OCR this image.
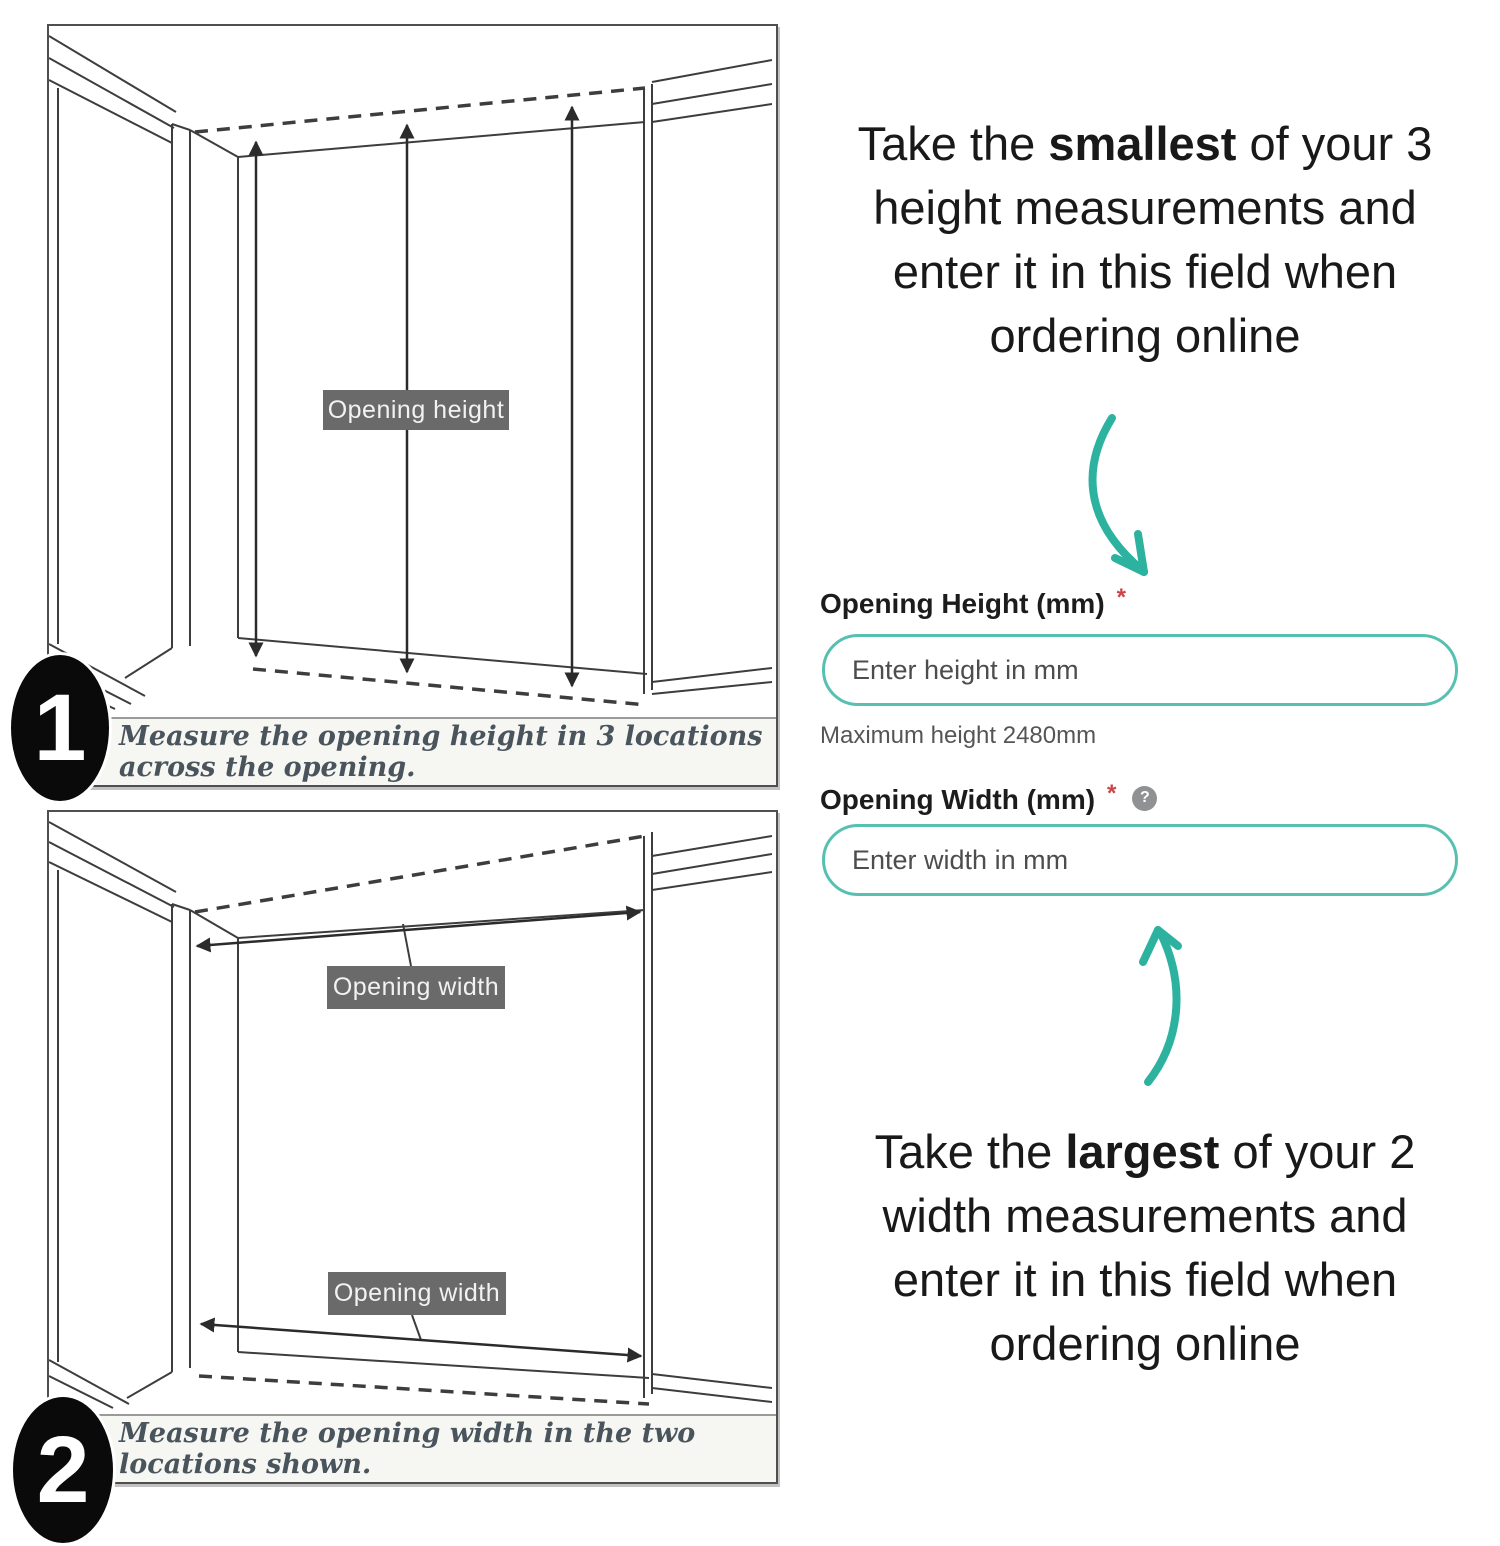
Opening height
Measure the opening height in 3 locations across the opening.
1
Opening width
Opening width
Measure the opening width in the two locations shown.
2
Take the smallest of your 3 height measurements and enter it in this field when ordering online
Opening Height (mm) *
Enter height in mm
Maximum height 2480mm
Opening Width (mm) *	?
Enter width in mm
Take the largest of your 2 width measurements and enter it in this field when ordering online
